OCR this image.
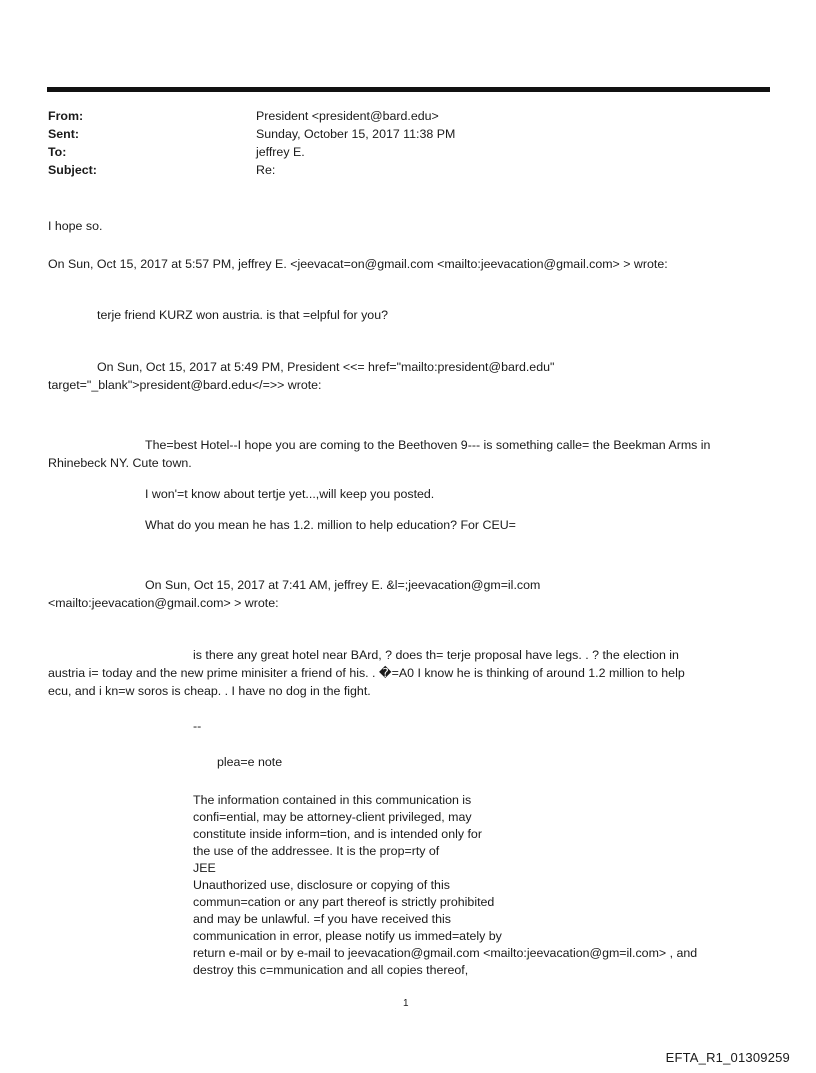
From:	President <president@bard.edu>
Sent:	Sunday, October 15, 2017 11:38 PM
To:	jeffrey E.
Subject:	Re:
I hope so.
On Sun, Oct 15, 2017 at 5:57 PM, jeffrey E. <jeevacat=on@gmail.com <mailto:jeevacation@gmail.com> > wrote:
terje friend KURZ won austria. is that =elpful for you?
On Sun, Oct 15, 2017 at 5:49 PM, President <<= href="mailto:president@bard.edu"
target="_blank">president@bard.edu</=>> wrote:
The=best Hotel--I hope you are coming to the Beethoven 9--- is something calle= the Beekman Arms in
Rhinebeck NY. Cute town.
I won'=t know about tertje yet...,will keep you posted.
What do you mean he has 1.2. million to help education? For CEU=
On Sun, Oct 15, 2017 at 7:41 AM, jeffrey E. &l=;jeevacation@gm=il.com
<mailto:jeevacation@gmail.com> > wrote:
is there any great hotel near BArd, ? does th= terje proposal have legs. . ? the election in
austria i= today and the new prime minisiter a friend of his. . �=A0 I know he is thinking of around 1.2 million to help
ecu, and i kn=w soros is cheap. . I have no dog in the fight.
--
plea=e note
The information contained in this communication is
confi=ential, may be attorney-client privileged, may
constitute inside inform=tion, and is intended only for
the use of the addressee. It is the prop=rty of
JEE
Unauthorized use, disclosure or copying of this
commun=cation or any part thereof is strictly prohibited
and may be unlawful. =f you have received this
communication in error, please notify us immed=ately by
return e-mail or by e-mail to jeevacation@gmail.com <mailto:jeevacation@gm=il.com> , and
destroy this c=mmunication and all copies thereof,
1
EFTA_R1_01309259
